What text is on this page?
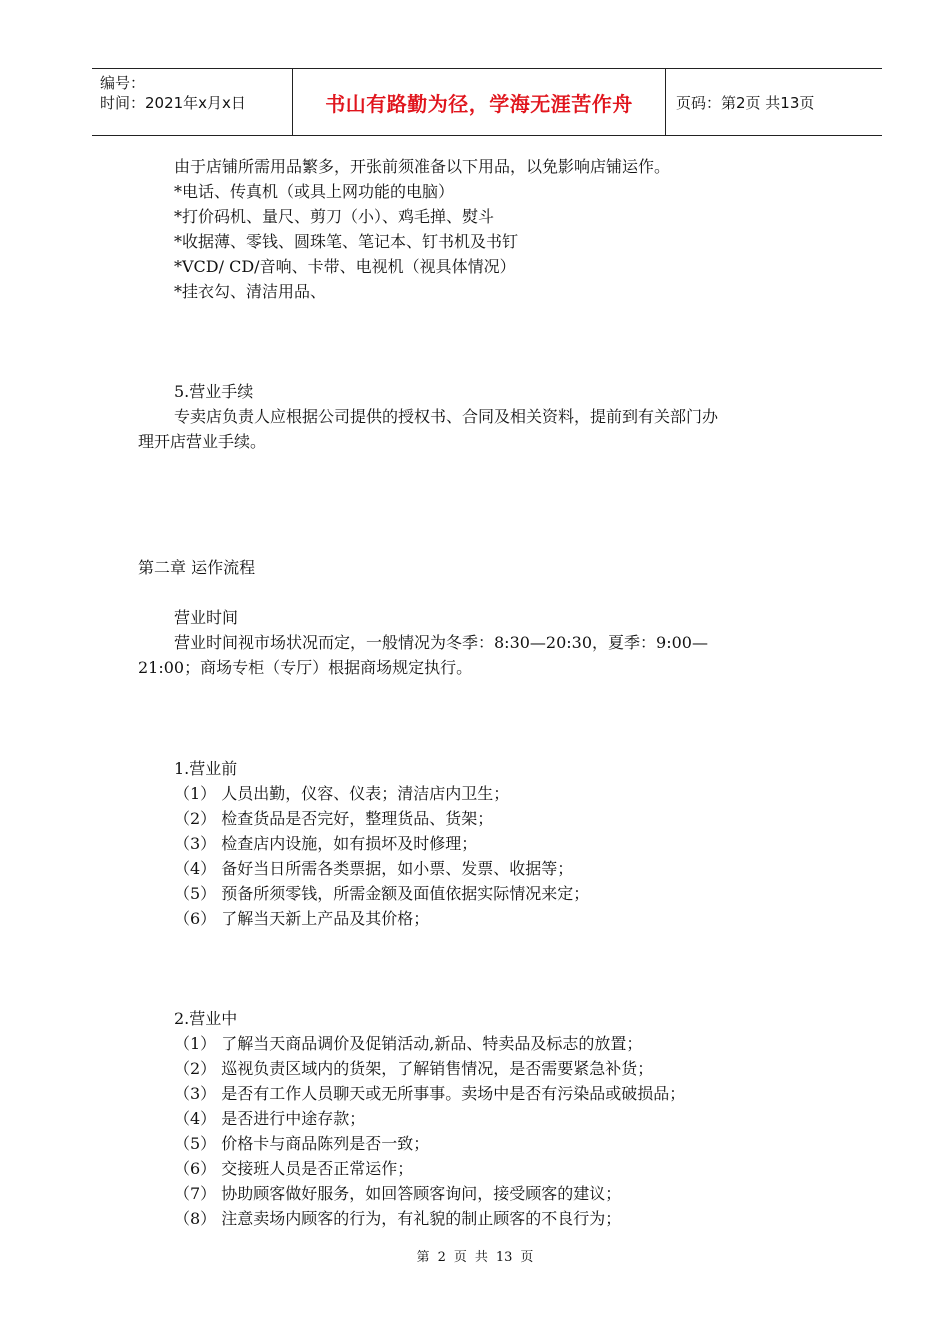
编号：
时间：2021年x月x日	书山有路勤为径，学海无涯苦作舟	页码：第2页 共13页
由于店铺所需用品繁多，开张前须准备以下用品，以免影响店铺运作。
*电话、传真机（或具上网功能的电脑）
*打价码机、量尺、剪刀（小）、鸡毛掸、熨斗
*收据薄、零钱、圆珠笔、笔记本、钉书机及书钉
*VCD/ CD/音响、卡带、电视机（视具体情况）
*挂衣勾、清洁用品、
5.营业手续
专卖店负责人应根据公司提供的授权书、合同及相关资料，提前到有关部门办
理开店营业手续。
第二章 运作流程
营业时间
营业时间视市场状况而定，一般情况为冬季：8:30—20:30，夏季：9:00—
21:00；商场专柜（专厅）根据商场规定执行。
1.营业前
（1） 人员出勤，仪容、仪表；清洁店内卫生；
（2） 检查货品是否完好，整理货品、货架；
（3） 检查店内设施，如有损坏及时修理；
（4） 备好当日所需各类票据，如小票、发票、收据等；
（5） 预备所须零钱，所需金额及面值依据实际情况来定；
（6） 了解当天新上产品及其价格；
2.营业中
（1） 了解当天商品调价及促销活动,新品、特卖品及标志的放置；
（2） 巡视负责区域内的货架，了解销售情况，是否需要紧急补货；
（3） 是否有工作人员聊天或无所事事。卖场中是否有污染品或破损品；
（4） 是否进行中途存款；
（5） 价格卡与商品陈列是否一致；
（6） 交接班人员是否正常运作；
（7） 协助顾客做好服务，如回答顾客询问，接受顾客的建议；
（8） 注意卖场内顾客的行为，有礼貌的制止顾客的不良行为；
第 2 页 共 13 页
